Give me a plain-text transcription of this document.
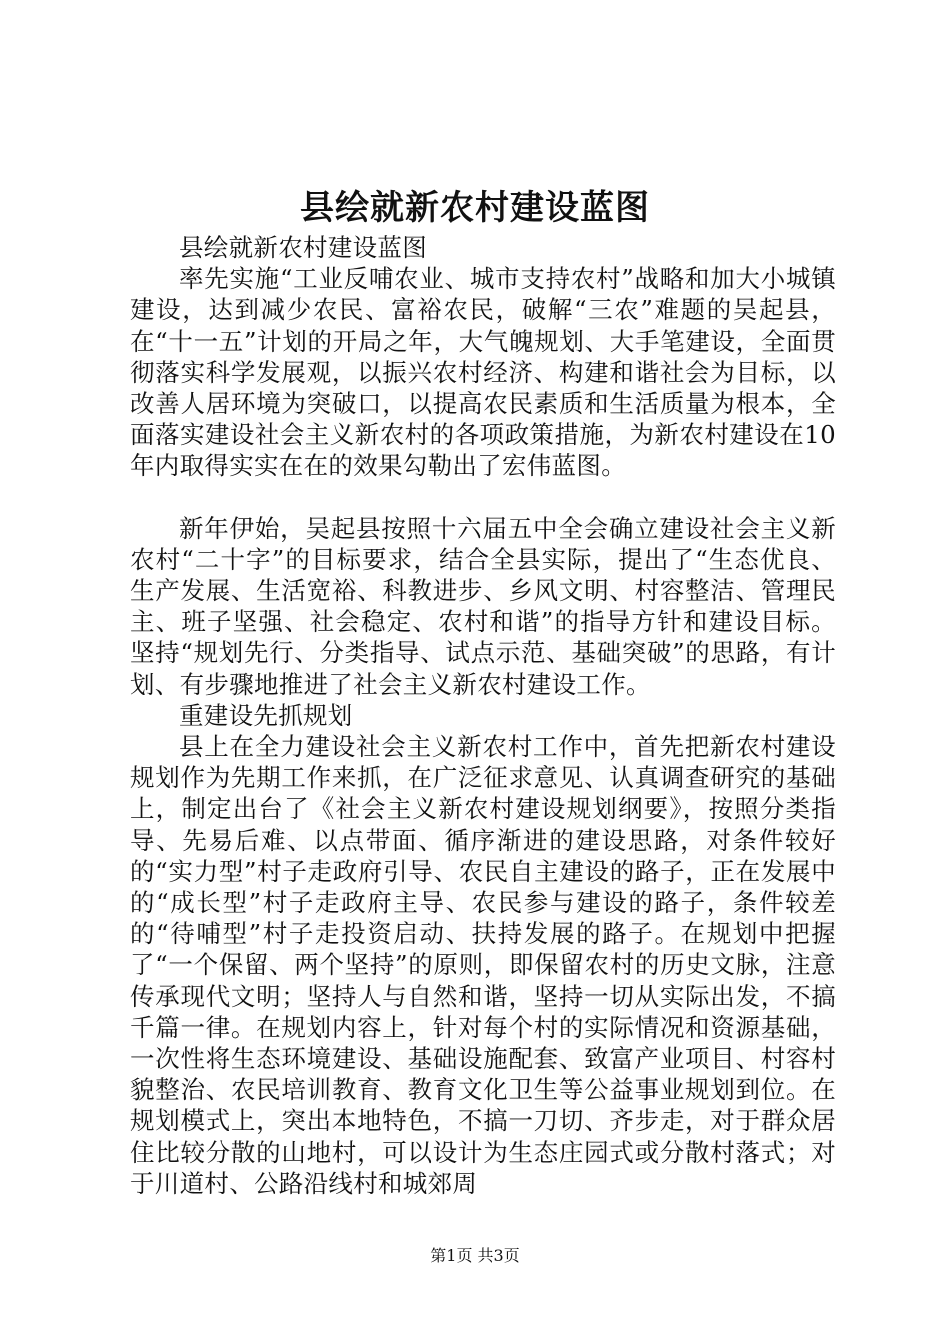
县绘就新农村建设蓝图

县绘就新农村建设蓝图

率先实施“工业反哺农业、城市支持农村”战略和加大小城镇建设，达到减少农民、富裕农民，破解“三农”难题的吴起县，在“十一五”计划的开局之年，大气魄规划、大手笔建设，全面贯彻落实科学发展观，以振兴农村经济、构建和谐社会为目标，以改善人居环境为突破口，以提高农民素质和生活质量为根本，全面落实建设社会主义新农村的各项政策措施，为新农村建设在10年内取得实实在在的效果勾勒出了宏伟蓝图。

新年伊始，吴起县按照十六届五中全会确立建设社会主义新农村“二十字”的目标要求，结合全县实际，提出了“生态优良、生产发展、生活宽裕、科教进步、乡风文明、村容整洁、管理民主、班子坚强、社会稳定、农村和谐”的指导方针和建设目标。坚持“规划先行、分类指导、试点示范、基础突破”的思路，有计划、有步骤地推进了社会主义新农村建设工作。

重建设先抓规划

县上在全力建设社会主义新农村工作中，首先把新农村建设规划作为先期工作来抓，在广泛征求意见、认真调查研究的基础上，制定出台了《社会主义新农村建设规划纲要》，按照分类指导、先易后难、以点带面、循序渐进的建设思路，对条件较好的“实力型”村子走政府引导、农民自主建设的路子，正在发展中的“成长型”村子走政府主导、农民参与建设的路子，条件较差的“待哺型”村子走投资启动、扶持发展的路子。在规划中把握了“一个保留、两个坚持”的原则，即保留农村的历史文脉，注意传承现代文明；坚持人与自然和谐，坚持一切从实际出发，不搞千篇一律。在规划内容上，针对每个村的实际情况和资源基础，一次性将生态环境建设、基础设施配套、致富产业项目、村容村貌整治、农民培训教育、教育文化卫生等公益事业规划到位。在规划模式上，突出本地特色，不搞一刀切、齐步走，对于群众居住比较分散的山地村，可以设计为生态庄园式或分散村落式；对于川道村、公路沿线村和城郊周

第1页 共3页
